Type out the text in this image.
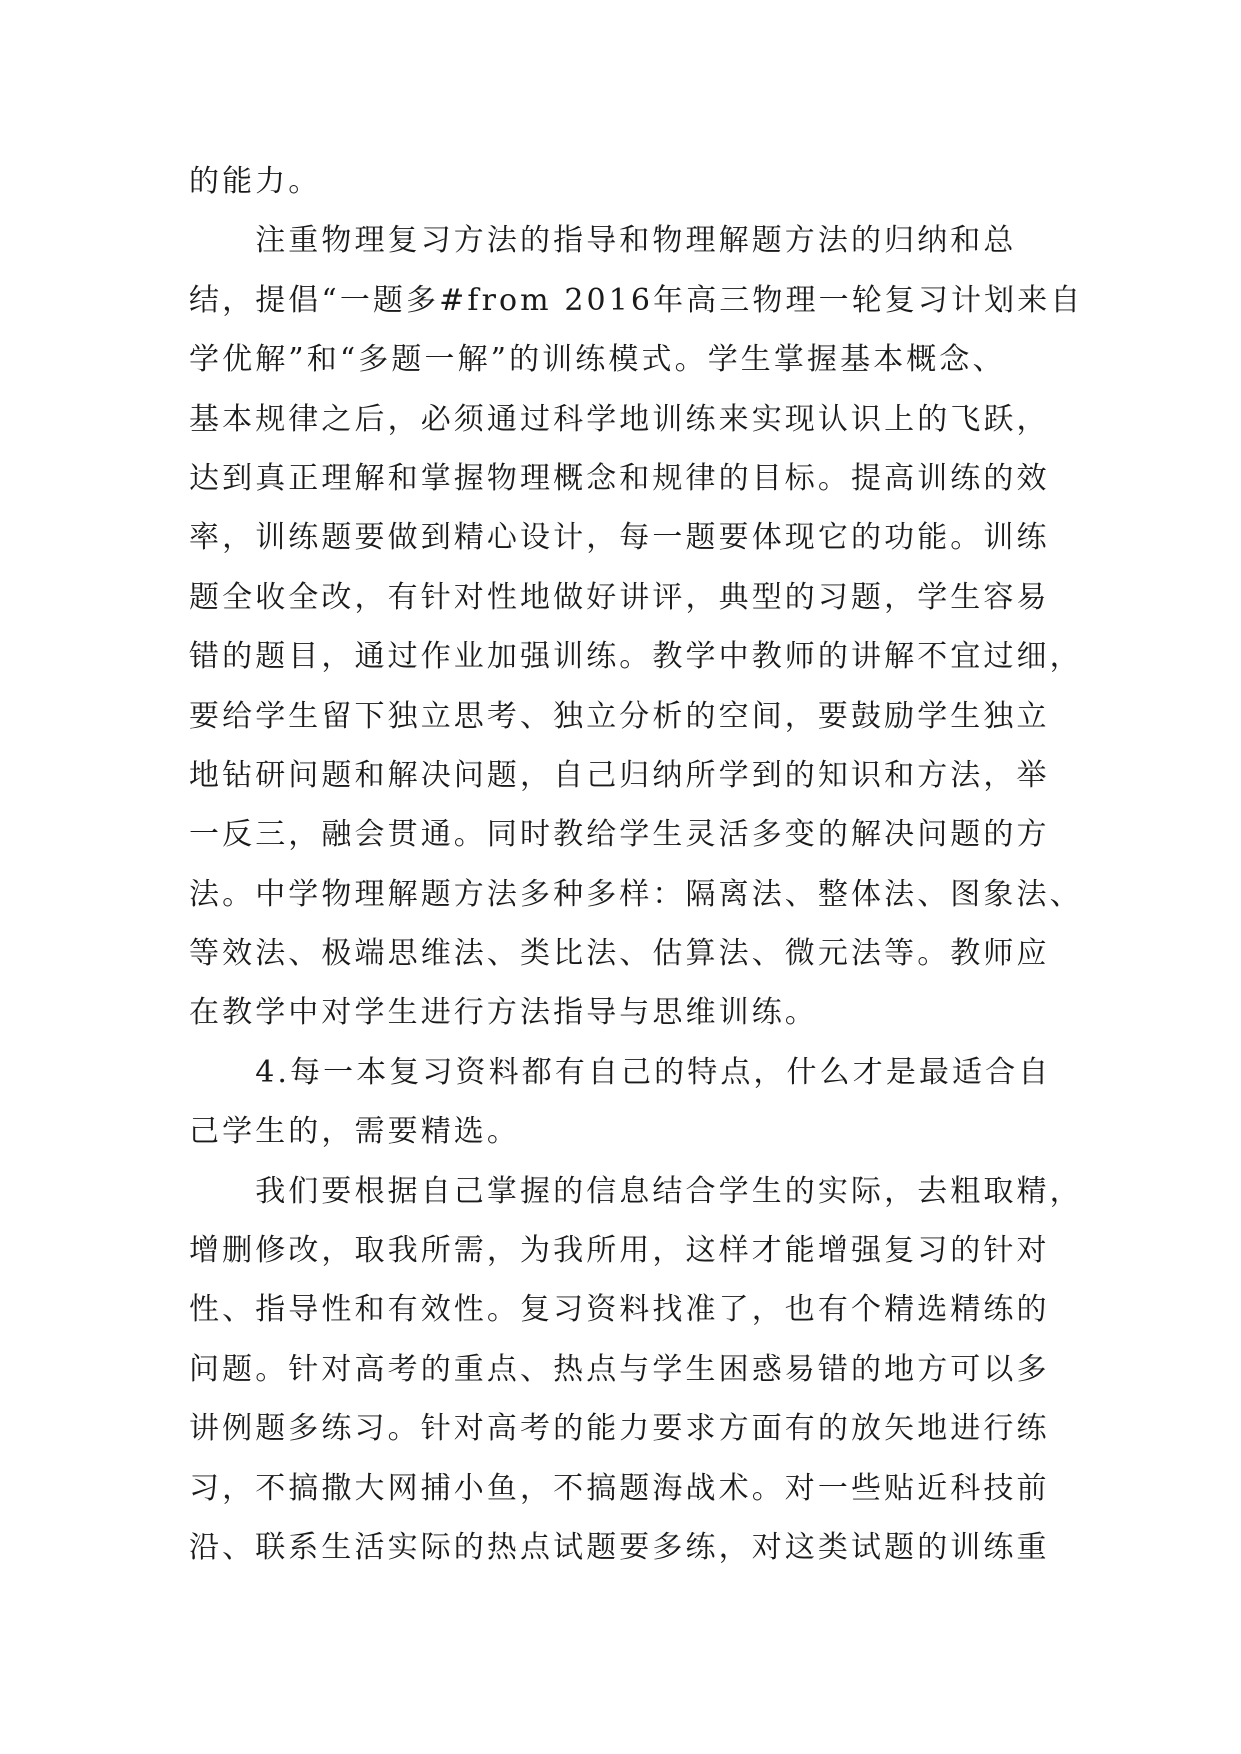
的能力。
　　注重物理复习方法的指导和物理解题方法的归纳和总
结，提倡“一题多#from 2016年高三物理一轮复习计划来自
学优解”和“多题一解”的训练模式。学生掌握基本概念、
基本规律之后，必须通过科学地训练来实现认识上的飞跃，
达到真正理解和掌握物理概念和规律的目标。提高训练的效
率，训练题要做到精心设计，每一题要体现它的功能。训练
题全收全改，有针对性地做好讲评，典型的习题，学生容易
错的题目，通过作业加强训练。教学中教师的讲解不宜过细，
要给学生留下独立思考、独立分析的空间，要鼓励学生独立
地钻研问题和解决问题，自己归纳所学到的知识和方法，举
一反三，融会贯通。同时教给学生灵活多变的解决问题的方
法。中学物理解题方法多种多样：隔离法、整体法、图象法、
等效法、极端思维法、类比法、估算法、微元法等。教师应
在教学中对学生进行方法指导与思维训练。
　　4.每一本复习资料都有自己的特点，什么才是最适合自
己学生的，需要精选。
　　我们要根据自己掌握的信息结合学生的实际，去粗取精，
增删修改，取我所需，为我所用，这样才能增强复习的针对
性、指导性和有效性。复习资料找准了，也有个精选精练的
问题。针对高考的重点、热点与学生困惑易错的地方可以多
讲例题多练习。针对高考的能力要求方面有的放矢地进行练
习，不搞撒大网捕小鱼，不搞题海战术。对一些贴近科技前
沿、联系生活实际的热点试题要多练，对这类试题的训练重
